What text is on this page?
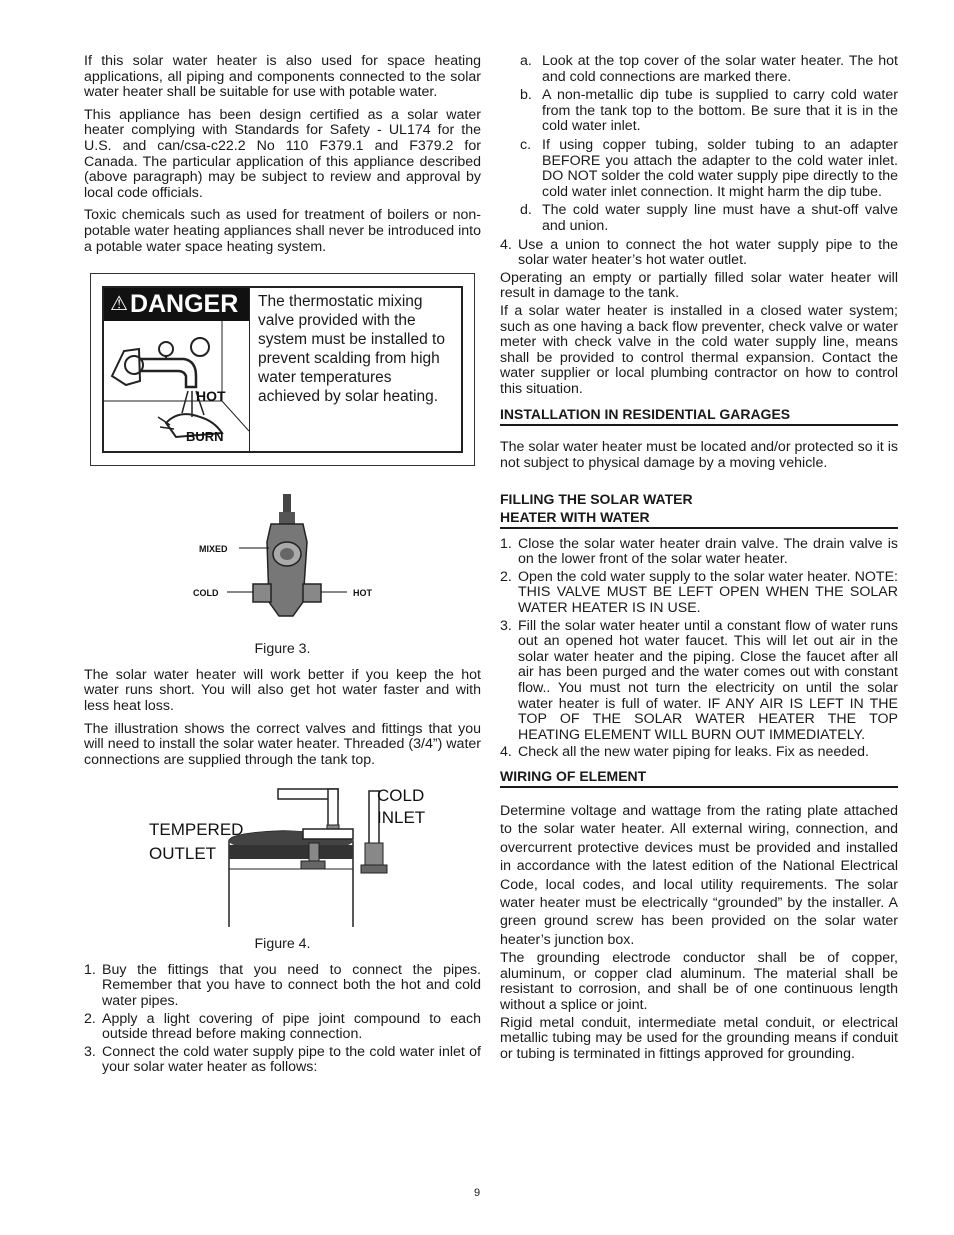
If this solar water heater is also used for space heating applications, all piping and components connected to the solar water heater shall be suitable for use with potable water.

This appliance has been design certified as a solar water heater complying with Standards for Safety - UL174 for the U.S. and can/csa-c22.2 No 110 F379.1 and F379.2 for Canada. The particular application of this appliance described (above paragraph) may be subject to review and approval by local code officials.

Toxic chemicals such as used for treatment of boilers or non-potable water heating appliances shall never be introduced into a potable water space heating system.

⚠ DANGER
HOT
BURN
The thermostatic mixing valve provided with the system must be installed to prevent scalding from high water temperatures achieved by solar heating.
MIXED
COLD	HOT
Figure 3.

The solar water heater will work better if you keep the hot water runs short. You will also get hot water faster and with less heat loss.

The illustration shows the correct valves and fittings that you will need to install the solar water heater. Threaded (3/4”) water connections are supplied through the tank top.

COLD
INLET
TEMPERED
OUTLET
Figure 4.
1. Buy the fittings that you need to connect the pipes. Remember that you have to connect both the hot and cold water pipes.
2. Apply a light covering of pipe joint compound to each outside thread before making connection.
3. Connect the cold water supply pipe to the cold water inlet of your solar water heater as follows:
a. Look at the top cover of the solar water heater. The hot and cold connections are marked there.
b. A non-metallic dip tube is supplied to carry cold water from the tank top to the bottom. Be sure that it is in the cold water inlet.
c. If using copper tubing, solder tubing to an adapter BEFORE you attach the adapter to the cold water inlet. DO NOT solder the cold water supply pipe directly to the cold water inlet connection. It might harm the dip tube.
d. The cold water supply line must have a shut-off valve and union.
4. Use a union to connect the hot water supply pipe to the solar water heater’s hot water outlet.

Operating an empty or partially filled solar water heater will result in damage to the tank.

If a solar water heater is installed in a closed water system; such as one having a back flow preventer, check valve or water meter with check valve in the cold water supply line, means shall be provided to control thermal expansion. Contact the water supplier or local plumbing contractor on how to control this situation.

INSTALLATION IN RESIDENTIAL GARAGES

The solar water heater must be located and/or protected so it is not subject to physical damage by a moving vehicle.

FILLING THE SOLAR WATER
HEATER WITH WATER
1. Close the solar water heater drain valve. The drain valve is on the lower front of the solar water heater.
2. Open the cold water supply to the solar water heater. NOTE: THIS VALVE MUST BE LEFT OPEN WHEN THE SOLAR WATER HEATER IS IN USE.
3. Fill the solar water heater until a constant flow of water runs out an opened hot water faucet. This will let out air in the solar water heater and the piping. Close the faucet after all air has been purged and the water comes out with constant flow.. You must not turn the electricity on until the solar water heater is full of water. IF ANY AIR IS LEFT IN THE TOP OF THE SOLAR WATER HEATER THE TOP HEATING ELEMENT WILL BURN OUT IMMEDIATELY.
4. Check all the new water piping for leaks. Fix as needed.
WIRING OF ELEMENT

Determine voltage and wattage from the rating plate attached to the solar water heater. All external wiring, connection, and overcurrent protective devices must be provided and installed in accordance with the latest edition of the National Electrical Code, local codes, and local utility requirements. The solar water heater must be electrically “grounded” by the installer. A green ground screw has been provided on the solar water heater’s junction box.

The grounding electrode conductor shall be of copper, aluminum, or copper clad aluminum. The material shall be resistant to corrosion, and shall be of one continuous length without a splice or joint.

Rigid metal conduit, intermediate metal conduit, or electrical metallic tubing may be used for the grounding means if conduit or tubing is terminated in fittings approved for grounding.

9
